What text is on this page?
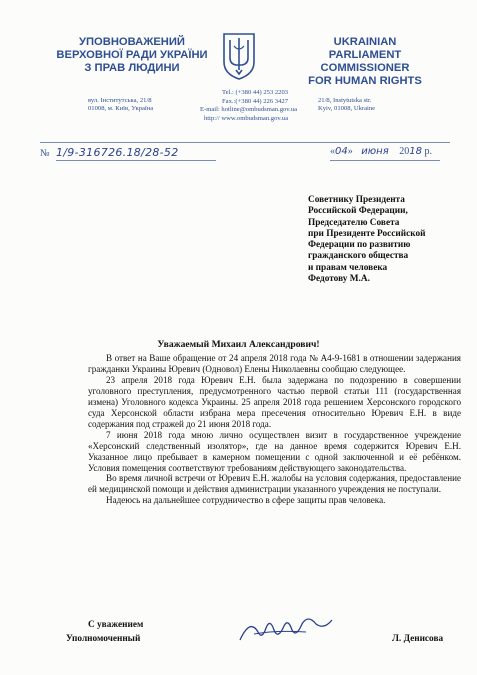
УПОВНОВАЖЕНИЙ
ВЕРХОВНОЇ РАДИ УКРАЇНИ
З ПРАВ ЛЮДИНИ
UKRAINIAN
PARLIAMENT COMMISSIONER
FOR HUMAN RIGHTS
вул. Інститутська, 21/8
01008, м. Київ, Україна
Tel.: (+380 44) 253 2203
Fax.:(+380 44) 226 3427
E-mail: hotline@ombudsman.gov.ua
http:// www.ombudsman.gov.ua
21/8, Instytutska str.
Kyiv, 01008, Ukraine
№ 1/9-316726.18/28-52	«04» июня 2018 р.
Советнику Президента
Российской Федерации,
Председателю Совета
при Президенте Российской
Федерации по развитию
гражданского общества
и правам человека
Федотову М.А.
Уважаемый Михаил Александрович!

В ответ на Ваше обращение от 24 апреля 2018 года № А4-9-1681 в отношении задержания гражданки Украины Юревич (Одновол) Елены Николаевны сообщаю следующее.

23 апреля 2018 года Юревич Е.Н. была задержана по подозрению в совершении уголовного преступления, предусмотренного частью первой статьи 111 (государственная измена) Уголовного кодекса Украины. 25 апреля 2018 года решением Херсонского городского суда Херсонской области избрана мера пресечения относительно Юревич Е.Н. в виде содержания под стражей до 21 июня 2018 года.

7 июня 2018 года мною лично осуществлен визит в государственное учреждение «Херсонский следственный изолятор», где на данное время содержится Юревич Е.Н. Указанное лицо пребывает в камерном помещении с одной заключенной и её ребёнком. Условия помещения соответствуют требованиям действующего законодательства.

Во время личной встречи от Юревич Е.Н. жалобы на условия содержания, предоставление ей медицинской помощи и действия администрации указанного учреждения не поступали.

Надеюсь на дальнейшее сотрудничество в сфере защиты прав человека.

С уважением
Уполномоченный	Л. Денисова
